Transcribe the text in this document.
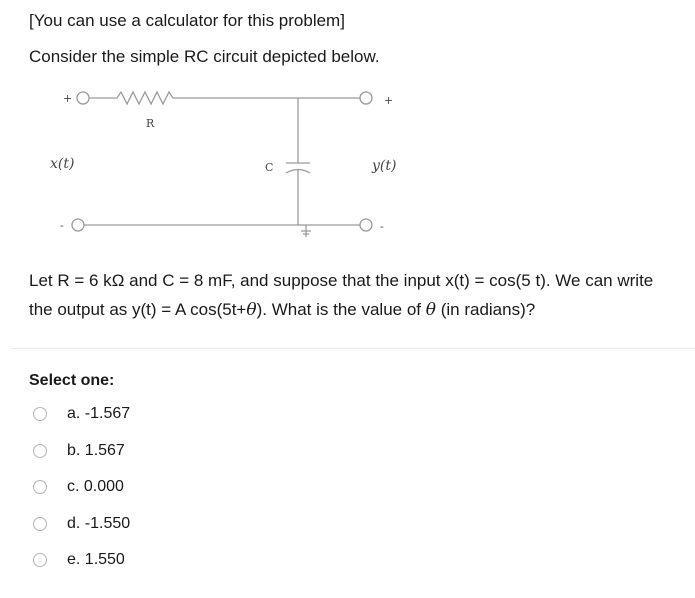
[You can use a calculator for this problem]
Consider the simple RC circuit depicted below.
+	+
-	-
R
C
x(t)	y(t)
Let R = 6 kΩ and C = 8 mF, and suppose that the input x(t) = cos(5 t). We can write the output as y(t) = A cos(5t+θ). What is the value of θ (in radians)?
Select one:
a. -1.567
b. 1.567
c. 0.000
d. -1.550
e. 1.550
